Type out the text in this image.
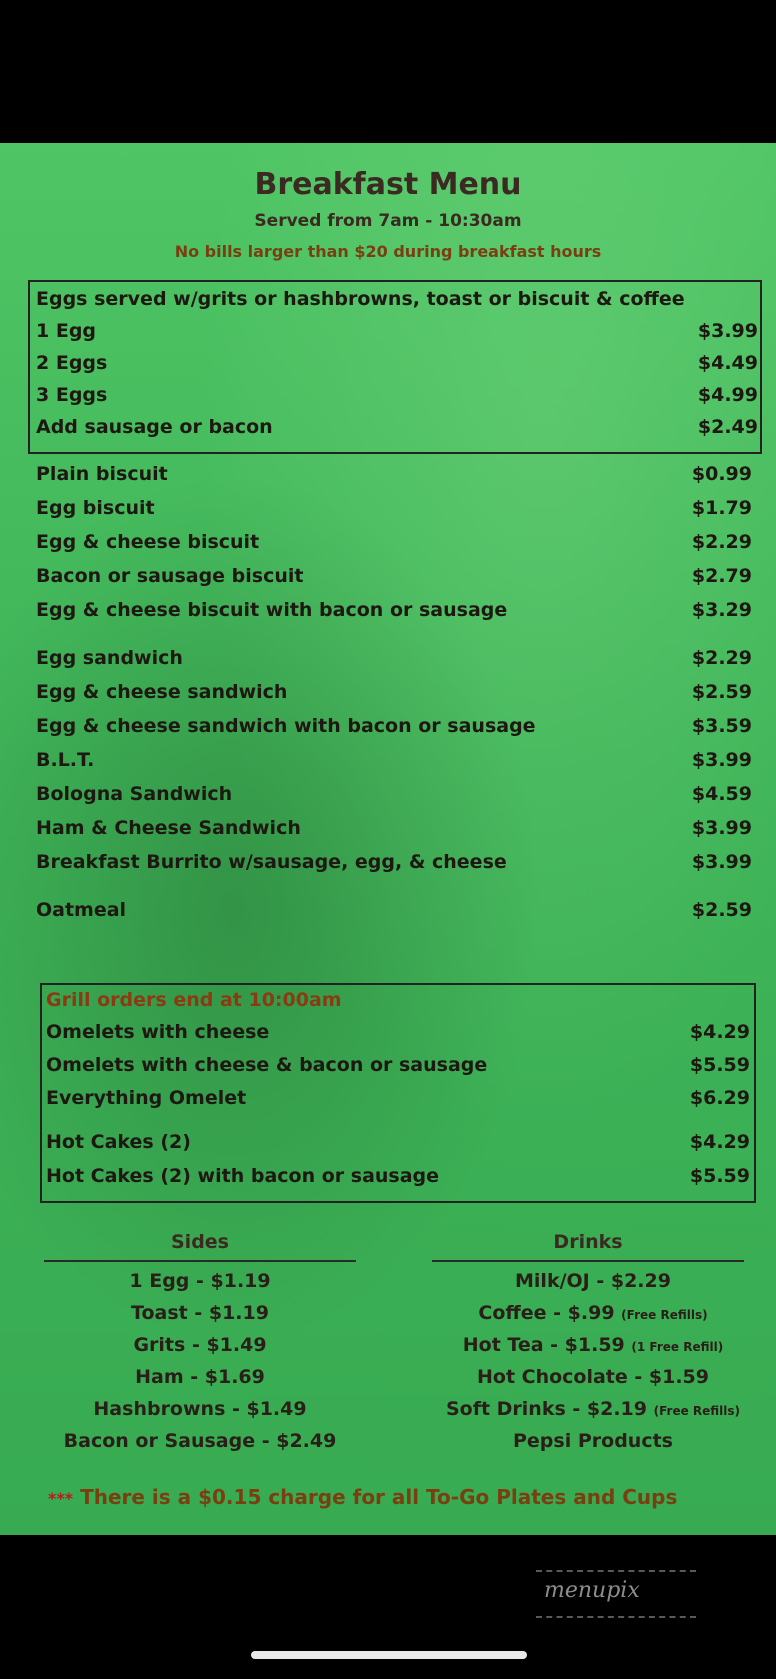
Breakfast Menu
Served from 7am - 10:30am
No bills larger than $20 during breakfast hours
Eggs served w/grits or hashbrowns, toast or biscuit & coffee
1 Egg	$3.99
2 Eggs	$4.49
3 Eggs	$4.99
Add sausage or bacon	$2.49
Plain biscuit	$0.99
Egg biscuit	$1.79
Egg & cheese biscuit	$2.29
Bacon or sausage biscuit	$2.79
Egg & cheese biscuit with bacon or sausage	$3.29
Egg sandwich	$2.29
Egg & cheese sandwich	$2.59
Egg & cheese sandwich with bacon or sausage	$3.59
B.L.T.	$3.99
Bologna Sandwich	$4.59
Ham & Cheese Sandwich	$3.99
Breakfast Burrito w/sausage, egg, & cheese	$3.99
Oatmeal	$2.59
Grill orders end at 10:00am
Omelets with cheese	$4.29
Omelets with cheese & bacon or sausage	$5.59
Everything Omelet	$6.29
Hot Cakes (2)	$4.29
Hot Cakes (2) with bacon or sausage	$5.59
Sides
1 Egg - $1.19
Toast - $1.19
Grits - $1.49
Ham - $1.69
Hashbrowns - $1.49
Bacon or Sausage - $2.49
Drinks
Milk/OJ - $2.29
Coffee - $.99 (Free Refills)
Hot Tea - $1.59 (1 Free Refill)
Hot Chocolate - $1.59
Soft Drinks - $2.19 (Free Refills)
Pepsi Products
*** There is a $0.15 charge for all To-Go Plates and Cups
menupix
